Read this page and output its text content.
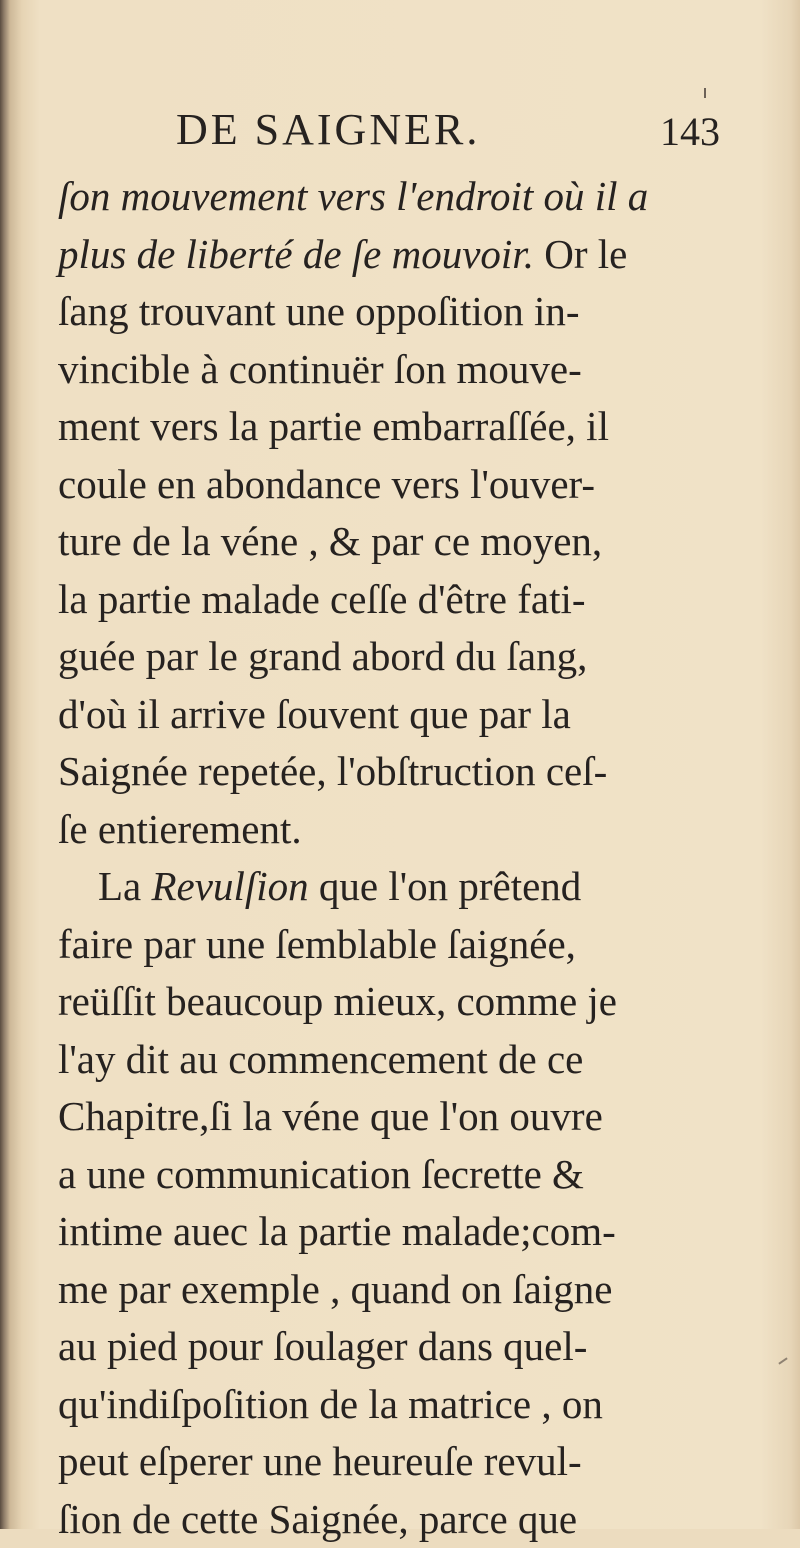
DE SAIGNER.	143
ſon mouvement vers l'endroit où il a
plus de liberté de ſe mouvoir. Or le
ſang trouvant une oppoſition in-
vincible à continuër ſon mouve-
ment vers la partie embarraſſée, il
coule en abondance vers l'ouver-
ture de la véne , & par ce moyen,
la partie malade ceſſe d'être fati-
guée par le grand abord du ſang,
d'où il arrive ſouvent que par la
Saignée repetée, l'obſtruction ceſ-
ſe entierement.
La Revulſion que l'on prêtend
faire par une ſemblable ſaignée,
reüſſit beaucoup mieux, comme je
l'ay dit au commencement de ce
Chapitre,ſi la véne que l'on ouvre
a une communication ſecrette &
intime auec la partie malade;com-
me par exemple , quand on ſaigne
au pied pour ſoulager dans quel-
qu'indiſpoſition de la matrice , on
peut eſperer une heureuſe revul-
ſion de cette Saignée, parce que
